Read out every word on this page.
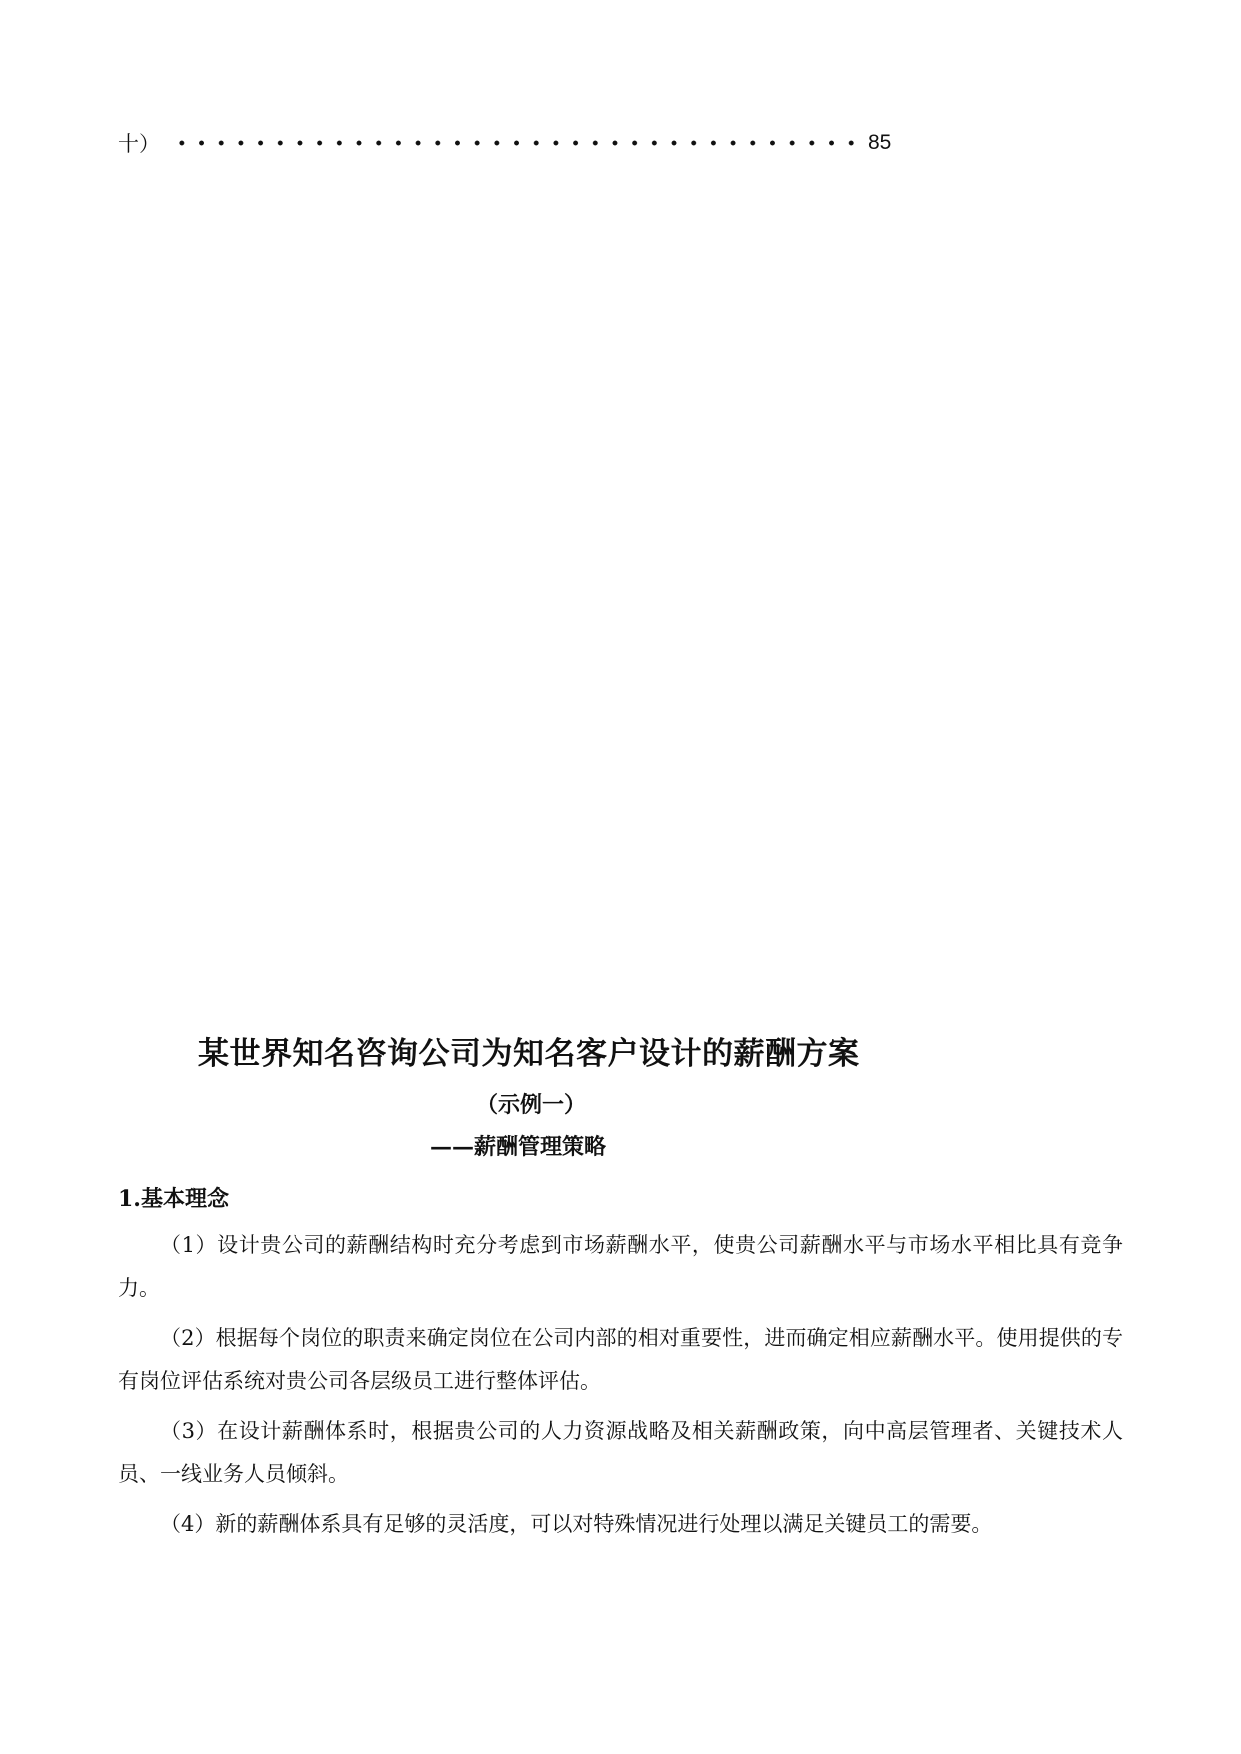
十）	85
某世界知名咨询公司为知名客户设计的薪酬方案
（示例一）
——薪酬管理策略
1.基本理念

（1）设计贵公司的薪酬结构时充分考虑到市场薪酬水平，使贵公司薪酬水平与市场水平相比具有竞争力。

（2）根据每个岗位的职责来确定岗位在公司内部的相对重要性，进而确定相应薪酬水平。使用提供的专有岗位评估系统对贵公司各层级员工进行整体评估。

（3）在设计薪酬体系时，根据贵公司的人力资源战略及相关薪酬政策，向中高层管理者、关键技术人员、一线业务人员倾斜。

（4）新的薪酬体系具有足够的灵活度，可以对特殊情况进行处理以满足关键员工的需要。
